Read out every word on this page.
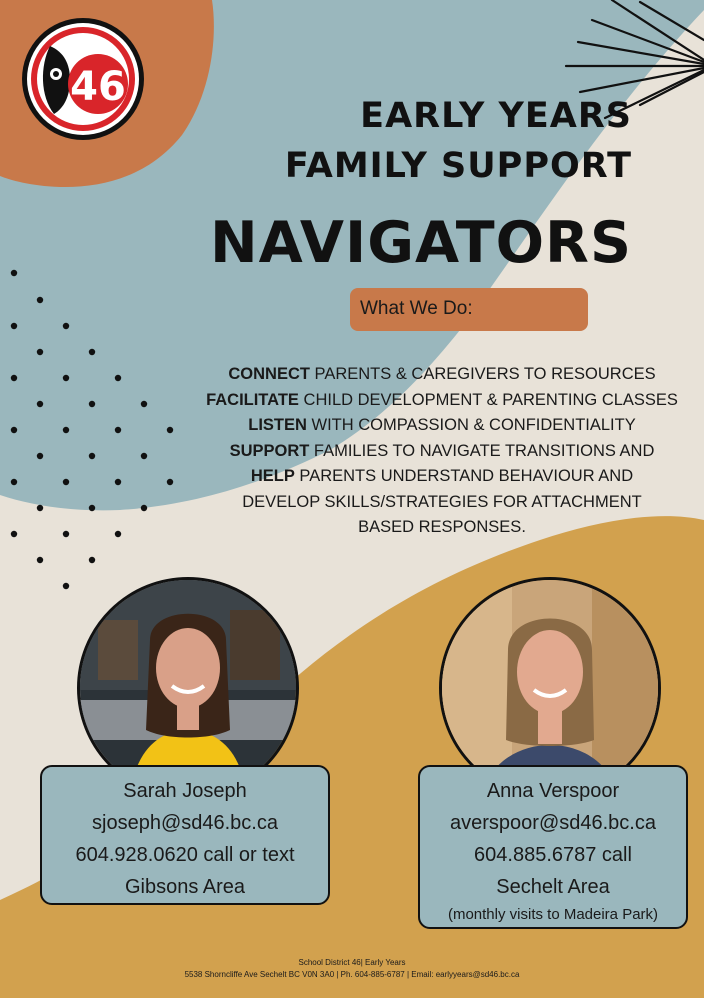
46
EARLY YEARS
FAMILY SUPPORT
NAVIGATORS
What We Do:
CONNECT PARENTS & CAREGIVERS TO RESOURCES
FACILITATE CHILD DEVELOPMENT & PARENTING CLASSES
LISTEN WITH COMPASSION & CONFIDENTIALITY
SUPPORT FAMILIES TO NAVIGATE TRANSITIONS AND
HELP PARENTS UNDERSTAND BEHAVIOUR AND DEVELOP SKILLS/STRATEGIES FOR ATTACHMENT BASED RESPONSES.
Sarah Joseph
sjoseph@sd46.bc.ca
604.928.0620 call or text
Gibsons Area
Anna Verspoor
averspoor@sd46.bc.ca
604.885.6787 call
Sechelt Area
(monthly visits to Madeira Park)
School District 46| Early Years
5538 Shorncliffe Ave Sechelt BC V0N 3A0 | Ph. 604-885-6787 | Email: earlyyears@sd46.bc.ca
